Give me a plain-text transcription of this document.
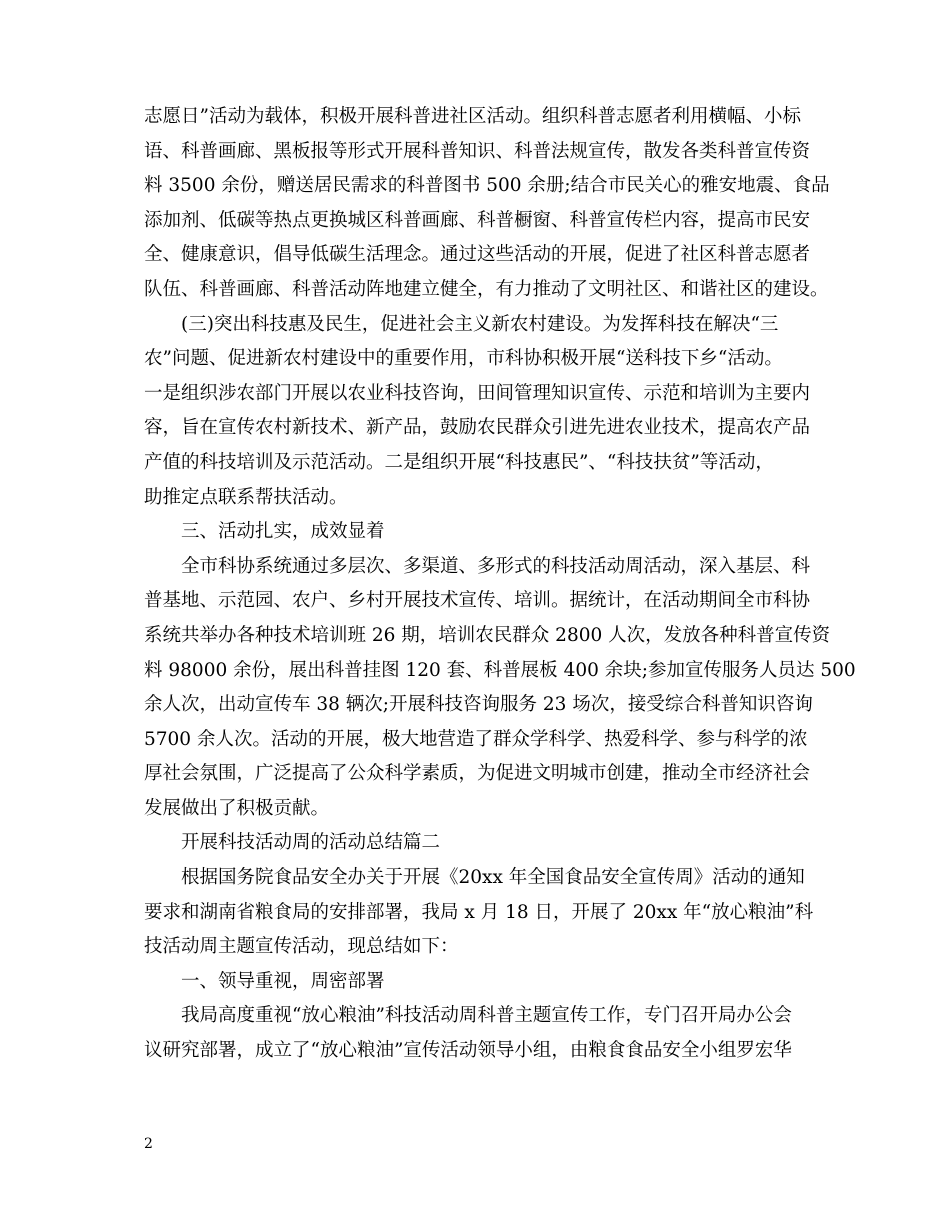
志愿日”活动为载体，积极开展科普进社区活动。组织科普志愿者利用横幅、小标
语、科普画廊、黑板报等形式开展科普知识、科普法规宣传，散发各类科普宣传资
料 3500 余份，赠送居民需求的科普图书 500 余册;结合市民关心的雅安地震、食品
添加剂、低碳等热点更换城区科普画廊、科普橱窗、科普宣传栏内容，提高市民安
全、健康意识，倡导低碳生活理念。通过这些活动的开展，促进了社区科普志愿者
队伍、科普画廊、科普活动阵地建立健全，有力推动了文明社区、和谐社区的建设。
(三)突出科技惠及民生，促进社会主义新农村建设。为发挥科技在解决“三
农”问题、促进新农村建设中的重要作用，市科协积极开展“送科技下乡“活动。
一是组织涉农部门开展以农业科技咨询，田间管理知识宣传、示范和培训为主要内
容，旨在宣传农村新技术、新产品，鼓励农民群众引进先进农业技术，提高农产品
产值的科技培训及示范活动。二是组织开展“科技惠民”、“科技扶贫”等活动，
助推定点联系帮扶活动。
三、活动扎实，成效显着
全市科协系统通过多层次、多渠道、多形式的科技活动周活动，深入基层、科
普基地、示范园、农户、乡村开展技术宣传、培训。据统计，在活动期间全市科协
系统共举办各种技术培训班 26 期，培训农民群众 2800 人次，发放各种科普宣传资
料 98000 余份，展出科普挂图 120 套、科普展板 400 余块;参加宣传服务人员达 500
余人次，出动宣传车 38 辆次;开展科技咨询服务 23 场次，接受综合科普知识咨询
5700 余人次。活动的开展，极大地营造了群众学科学、热爱科学、参与科学的浓
厚社会氛围，广泛提高了公众科学素质，为促进文明城市创建，推动全市经济社会
发展做出了积极贡献。
开展科技活动周的活动总结篇二
根据国务院食品安全办关于开展《20xx 年全国食品安全宣传周》活动的通知
要求和湖南省粮食局的安排部署，我局 x 月 18 日，开展了 20xx 年“放心粮油”科
技活动周主题宣传活动，现总结如下：
一、领导重视，周密部署
我局高度重视“放心粮油”科技活动周科普主题宣传工作，专门召开局办公会
议研究部署，成立了“放心粮油”宣传活动领导小组，由粮食食品安全小组罗宏华
2
